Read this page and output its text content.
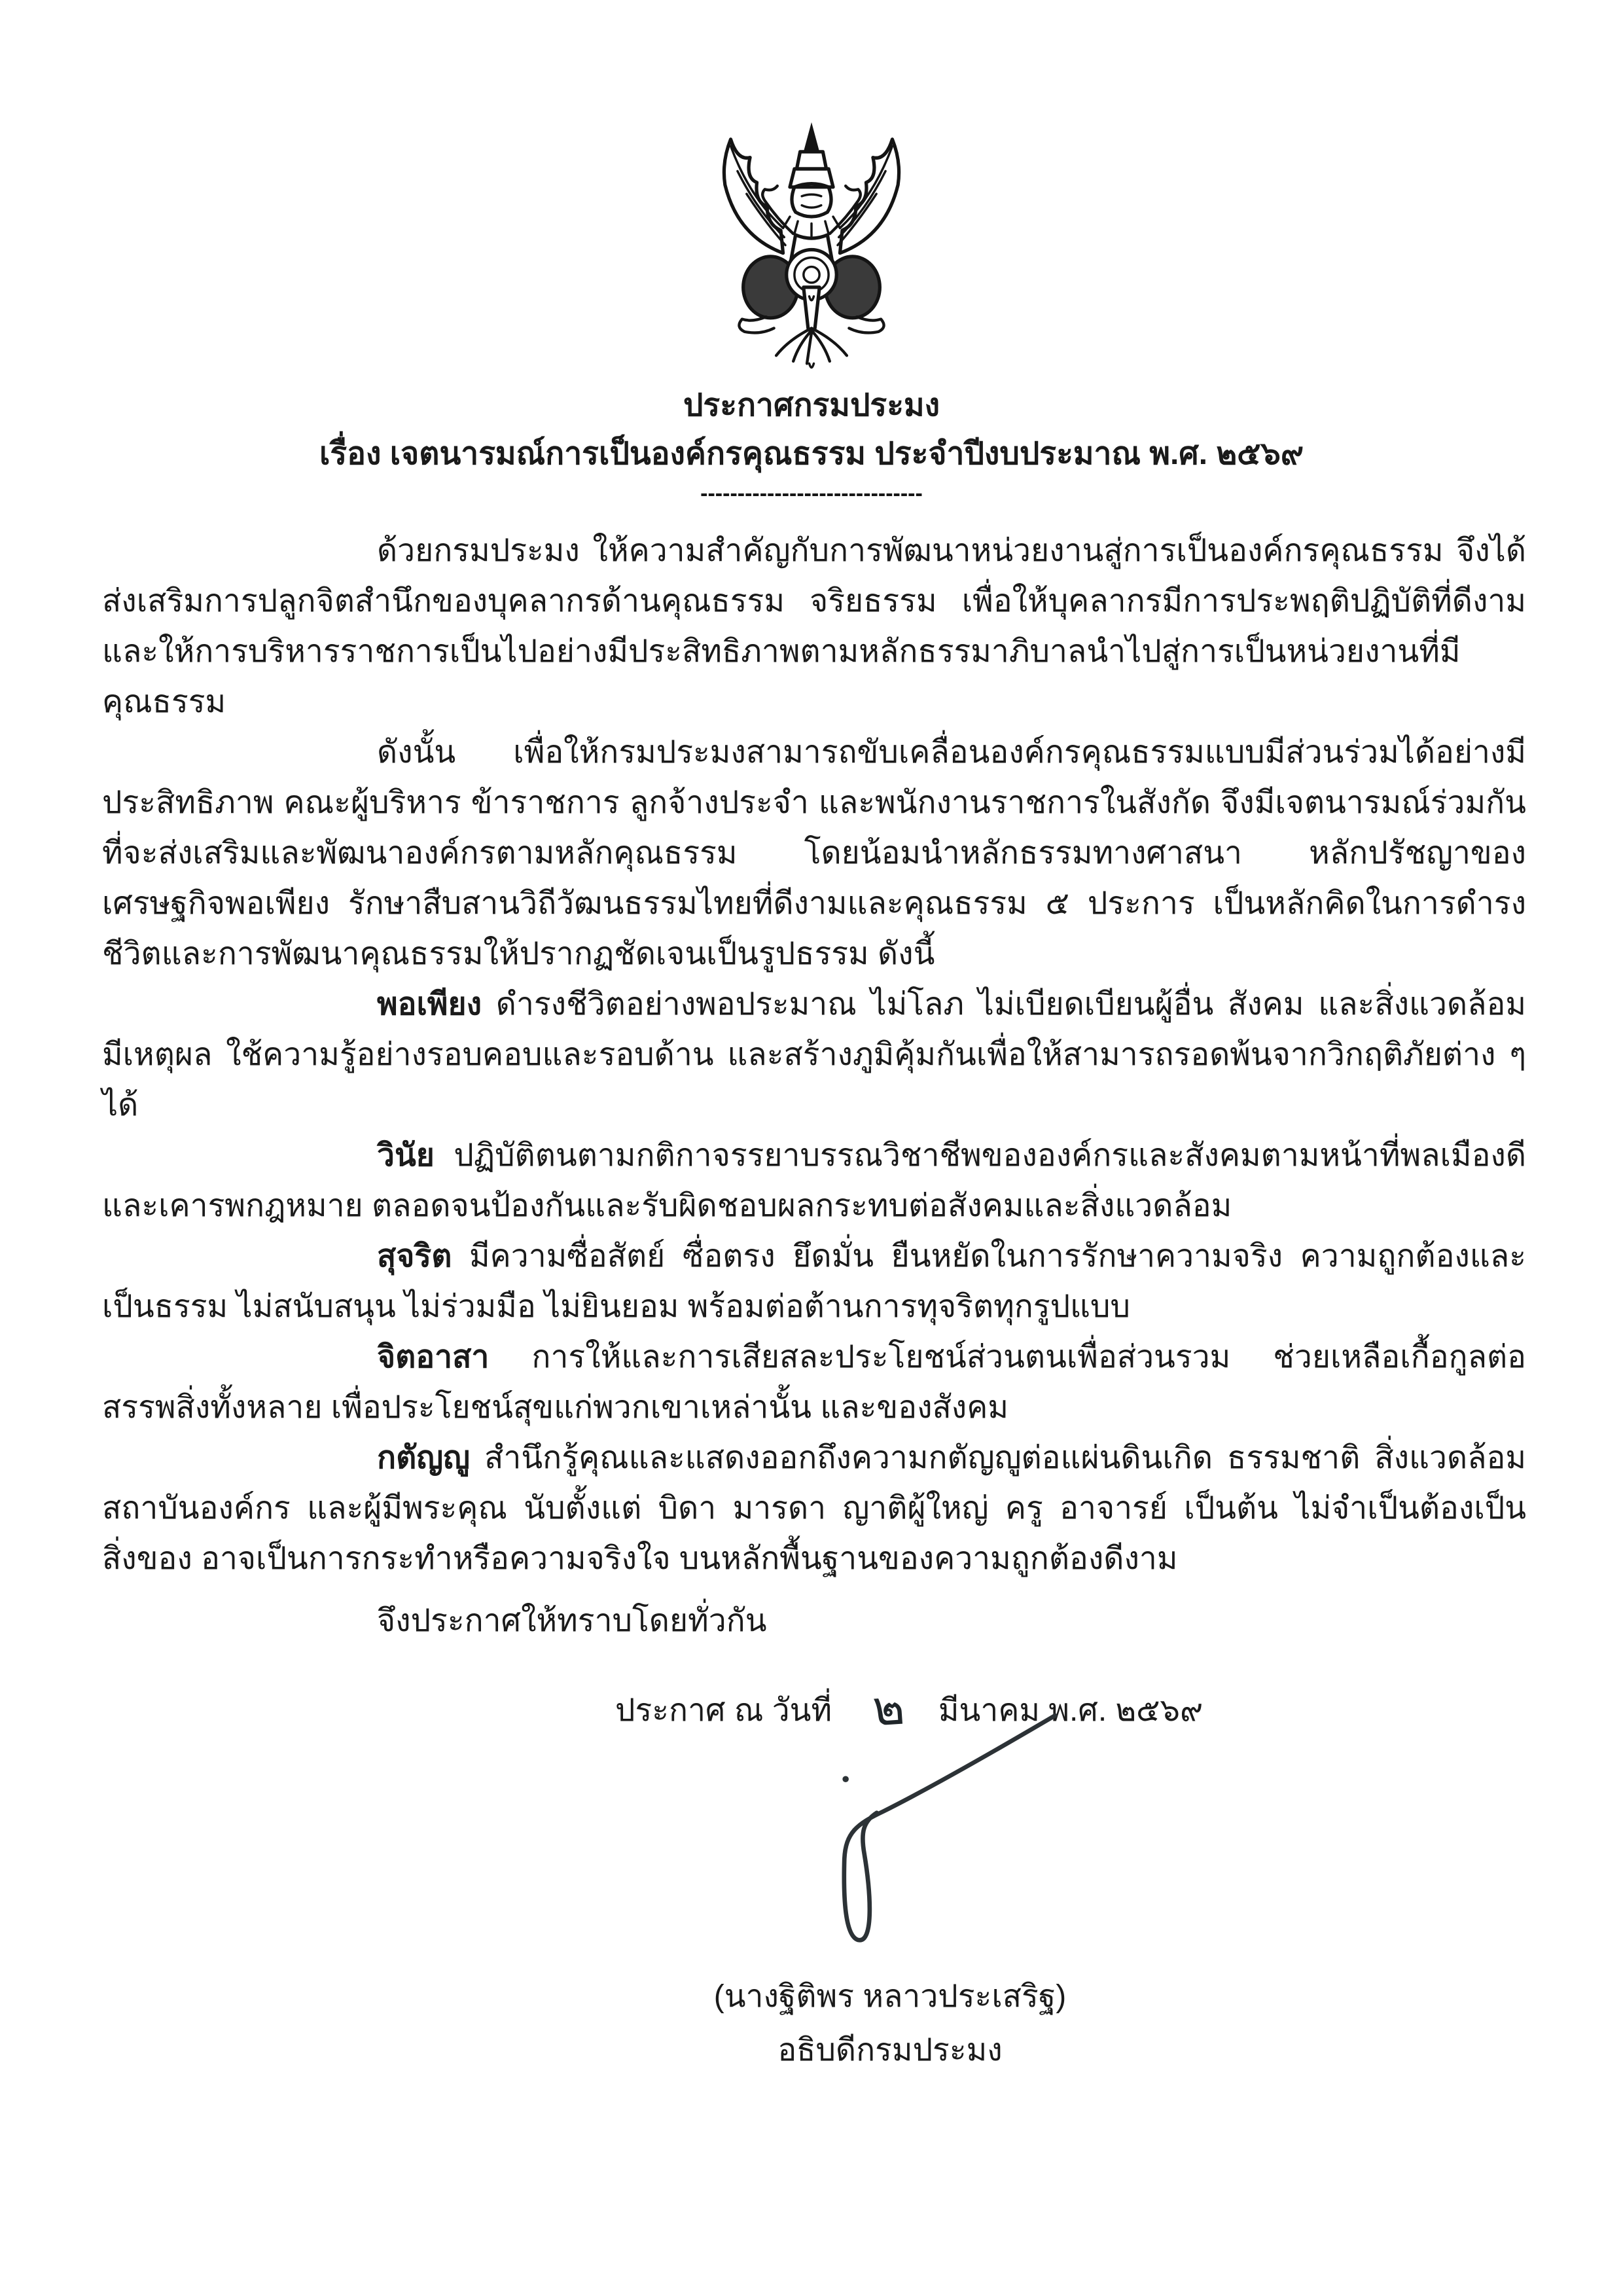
ประกาศกรมประมง

เรื่อง เจตนารมณ์การเป็นองค์กรคุณธรรม ประจำปีงบประมาณ พ.ศ. ๒๕๖๙

------------------------------

ด้วยกรมประมง ให้ความสำคัญกับการพัฒนาหน่วยงานสู่การเป็นองค์กรคุณธรรม จึงได้ส่งเสริมการปลูกจิตสำนึกของบุคลากรด้านคุณธรรม จริยธรรม เพื่อให้บุคลากรมีการประพฤติปฏิบัติที่ดีงามและให้การบริหารราชการเป็นไปอย่างมีประสิทธิภาพตามหลักธรรมาภิบาลนำไปสู่การเป็นหน่วยงานที่มีคุณธรรม

ดังนั้น เพื่อให้กรมประมงสามารถขับเคลื่อนองค์กรคุณธรรมแบบมีส่วนร่วมได้อย่างมีประสิทธิภาพ คณะผู้บริหาร ข้าราชการ ลูกจ้างประจำ และพนักงานราชการในสังกัด จึงมีเจตนารมณ์ร่วมกันที่จะส่งเสริมและพัฒนาองค์กรตามหลักคุณธรรม โดยน้อมนำหลักธรรมทางศาสนา หลักปรัชญาของเศรษฐกิจพอเพียง รักษาสืบสานวิถีวัฒนธรรมไทยที่ดีงามและคุณธรรม ๕ ประการ เป็นหลักคิดในการดำรงชีวิตและการพัฒนาคุณธรรมให้ปรากฏชัดเจนเป็นรูปธรรม ดังนี้

พอเพียง ดำรงชีวิตอย่างพอประมาณ ไม่โลภ ไม่เบียดเบียนผู้อื่น สังคม และสิ่งแวดล้อม มีเหตุผล ใช้ความรู้อย่างรอบคอบและรอบด้าน และสร้างภูมิคุ้มกันเพื่อให้สามารถรอดพ้นจากวิกฤติภัยต่าง ๆ ได้

วินัย ปฏิบัติตนตามกติกาจรรยาบรรณวิชาชีพขององค์กรและสังคมตามหน้าที่พลเมืองดีและเคารพกฎหมาย ตลอดจนป้องกันและรับผิดชอบผลกระทบต่อสังคมและสิ่งแวดล้อม

สุจริต มีความซื่อสัตย์ ซื่อตรง ยึดมั่น ยืนหยัดในการรักษาความจริง ความถูกต้องและเป็นธรรม ไม่สนับสนุน ไม่ร่วมมือ ไม่ยินยอม พร้อมต่อต้านการทุจริตทุกรูปแบบ

จิตอาสา การให้และการเสียสละประโยชน์ส่วนตนเพื่อส่วนรวม ช่วยเหลือเกื้อกูลต่อสรรพสิ่งทั้งหลาย เพื่อประโยชน์สุขแก่พวกเขาเหล่านั้น และของสังคม

กตัญญู สำนึกรู้คุณและแสดงออกถึงความกตัญญูต่อแผ่นดินเกิด ธรรมชาติ สิ่งแวดล้อม สถาบันองค์กร และผู้มีพระคุณ นับตั้งแต่ บิดา มารดา ญาติผู้ใหญ่ ครู อาจารย์ เป็นต้น ไม่จำเป็นต้องเป็นสิ่งของ อาจเป็นการกระทำหรือความจริงใจ บนหลักพื้นฐานของความถูกต้องดีงาม

จึงประกาศให้ทราบโดยทั่วกัน

ประกาศ ณ วันที่ ๒ มีนาคม พ.ศ. ๒๕๖๙

(นางฐิติพร หลาวประเสริฐ)

อธิบดีกรมประมง
